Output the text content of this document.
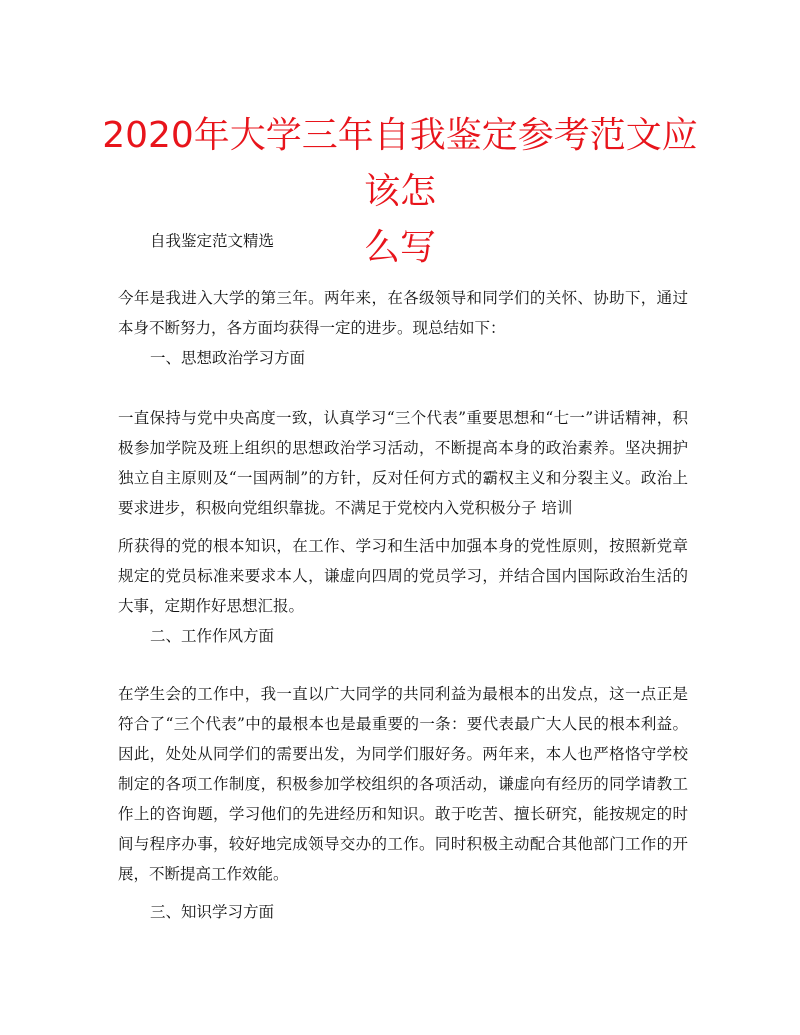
2020年大学三年自我鉴定参考范文应该怎
么写

自我鉴定范文精选

今年是我进入大学的第三年。两年来，在各级领导和同学们的关怀、协助下，通过

本身不断努力，各方面均获得一定的进步。现总结如下：

一、思想政治学习方面

一直保持与党中央高度一致，认真学习“三个代表”重要思想和“七一”讲话精神，积

极参加学院及班上组织的思想政治学习活动，不断提高本身的政治素养。坚决拥护

独立自主原则及“一国两制”的方针，反对任何方式的霸权主义和分裂主义。政治上

要求进步，积极向党组织靠拢。不满足于党校内入党积极分子 培训

所获得的党的根本知识，在工作、学习和生活中加强本身的党性原则，按照新党章

规定的党员标准来要求本人，谦虚向四周的党员学习，并结合国内国际政治生活的

大事，定期作好思想汇报。

二、工作作风方面

在学生会的工作中，我一直以广大同学的共同利益为最根本的出发点，这一点正是

符合了“三个代表”中的最根本也是最重要的一条：要代表最广大人民的根本利益。

因此，处处从同学们的需要出发，为同学们服好务。两年来，本人也严格恪守学校

制定的各项工作制度，积极参加学校组织的各项活动，谦虚向有经历的同学请教工

作上的咨询题，学习他们的先进经历和知识。敢于吃苦、擅长研究，能按规定的时

间与程序办事，较好地完成领导交办的工作。同时积极主动配合其他部门工作的开

展，不断提高工作效能。

三、知识学习方面
